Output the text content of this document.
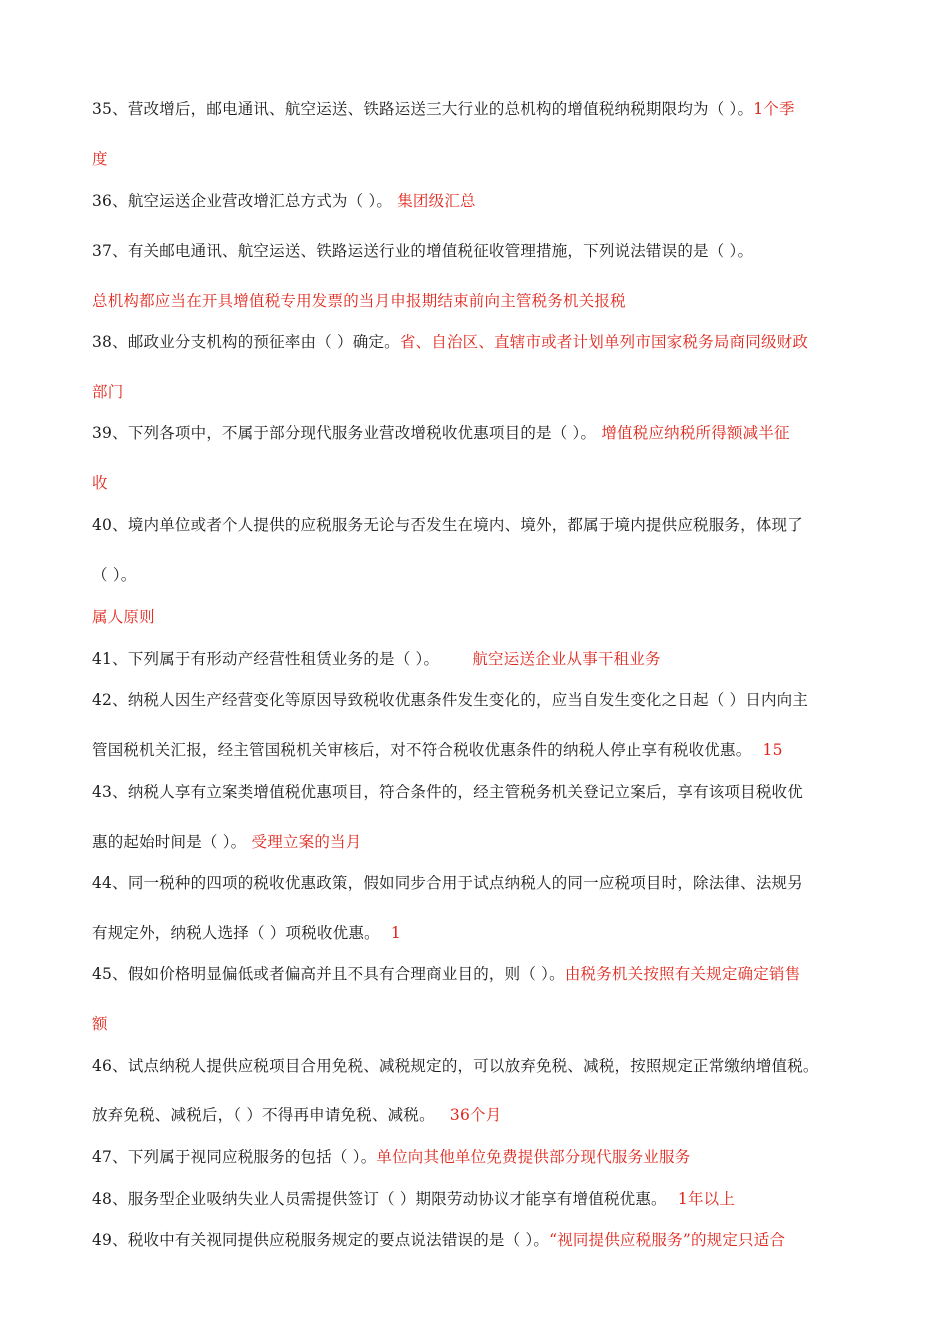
35、营改增后，邮电通讯、航空运送、铁路运送三大行业的总机构的增值税纳税期限均为（ ）。1个季
度
36、航空运送企业营改增汇总方式为（ ）。 集团级汇总
37、有关邮电通讯、航空运送、铁路运送行业的增值税征收管理措施，下列说法错误的是（ ）。
总机构都应当在开具增值税专用发票的当月申报期结束前向主管税务机关报税
38、邮政业分支机构的预征率由（ ）确定。省、自治区、直辖市或者计划单列市国家税务局商同级财政
部门
39、下列各项中，不属于部分现代服务业营改增税收优惠项目的是（ ）。 增值税应纳税所得额减半征
收
40、境内单位或者个人提供的应税服务无论与否发生在境内、境外，都属于境内提供应税服务，体现了
（ ）。
属人原则
41、下列属于有形动产经营性租赁业务的是（ ）。 航空运送企业从事干租业务
42、纳税人因生产经营变化等原因导致税收优惠条件发生变化的，应当自发生变化之日起（ ）日内向主
管国税机关汇报，经主管国税机关审核后，对不符合税收优惠条件的纳税人停止享有税收优惠。 15
43、纳税人享有立案类增值税优惠项目，符合条件的，经主管税务机关登记立案后，享有该项目税收优
惠的起始时间是（ ）。 受理立案的当月
44、同一税种的四项的税收优惠政策，假如同步合用于试点纳税人的同一应税项目时，除法律、法规另
有规定外，纳税人选择（ ）项税收优惠。 1
45、假如价格明显偏低或者偏高并且不具有合理商业目的，则（ ）。由税务机关按照有关规定确定销售
额
46、试点纳税人提供应税项目合用免税、减税规定的，可以放弃免税、减税，按照规定正常缴纳增值税。
放弃免税、减税后，（ ）不得再申请免税、减税。 36个月
47、下列属于视同应税服务的包括（ ）。单位向其他单位免费提供部分现代服务业服务
48、服务型企业吸纳失业人员需提供签订（ ）期限劳动协议才能享有增值税优惠。 1年以上
49、税收中有关视同提供应税服务规定的要点说法错误的是（ ）。“视同提供应税服务”的规定只适合
